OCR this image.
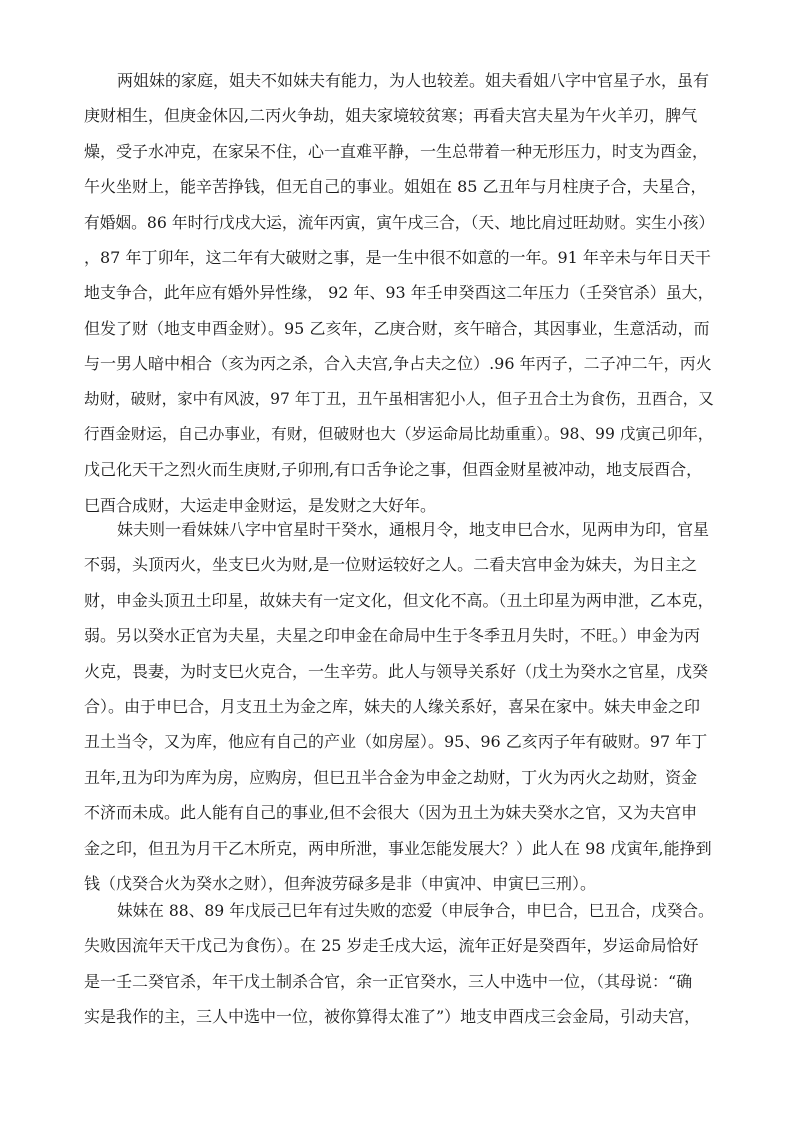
两姐妹的家庭，姐夫不如妹夫有能力，为人也较差。姐夫看姐八字中官星子水，虽有
庚财相生，但庚金休囚,二丙火争劫，姐夫家境较贫寒；再看夫宫夫星为午火羊刃，脾气
燥，受子水冲克，在家呆不住，心一直难平静，一生总带着一种无形压力，时支为酉金，
午火坐财上，能辛苦挣钱，但无自己的事业。姐姐在 85 乙丑年与月柱庚子合，夫星合，
有婚姻。86 年时行戊戌大运，流年丙寅，寅午戌三合，（天、地比肩过旺劫财。实生小孩）
，87 年丁卯年，这二年有大破财之事，是一生中很不如意的一年。91 年辛未与年日天干
地支争合，此年应有婚外异性缘， 92 年、93 年壬申癸酉这二年压力（壬癸官杀）虽大，
但发了财（地支申酉金财）。95 乙亥年，乙庚合财，亥午暗合，其因事业，生意活动，而
与一男人暗中相合（亥为丙之杀，合入夫宫,争占夫之位）.96 年丙子，二子冲二午，丙火
劫财，破财，家中有风波，97 年丁丑，丑午虽相害犯小人，但子丑合土为食伤，丑酉合，又
行酉金财运，自己办事业，有财，但破财也大（岁运命局比劫重重）。98、99 戊寅己卯年，
戊己化天干之烈火而生庚财,子卯刑,有口舌争论之事，但酉金财星被冲动，地支辰酉合，
巳酉合成财，大运走申金财运，是发财之大好年。
妹夫则一看妹妹八字中官星时干癸水，通根月令，地支申巳合水，见两申为印，官星
不弱，头顶丙火，坐支巳火为财,是一位财运较好之人。二看夫宫申金为妹夫，为日主之
财，申金头顶丑土印星，故妹夫有一定文化，但文化不高。（丑土印星为两申泄，乙本克，
弱。另以癸水正官为夫星，夫星之印申金在命局中生于冬季丑月失时，不旺。）申金为丙
火克，畏妻，为时支巳火克合，一生辛劳。此人与领导关系好（戊土为癸水之官星，戊癸
合）。由于申巳合，月支丑土为金之库，妹夫的人缘关系好，喜呆在家中。妹夫申金之印
丑土当令，又为库，他应有自己的产业（如房屋）。95、96 乙亥丙子年有破财。97 年丁
丑年,丑为印为库为房，应购房，但巳丑半合金为申金之劫财，丁火为丙火之劫财，资金
不济而未成。此人能有自己的事业,但不会很大（因为丑土为妹夫癸水之官，又为夫宫申
金之印，但丑为月干乙木所克，两申所泄，事业怎能发展大？）此人在 98 戊寅年,能挣到
钱（戊癸合火为癸水之财），但奔波劳碌多是非（申寅冲、申寅巳三刑）。
妹妹在 88、89 年戊辰己巳年有过失败的恋爱（申辰争合，申巳合，巳丑合，戊癸合。
失败因流年天干戊己为食伤）。在 25 岁走壬戌大运，流年正好是癸酉年，岁运命局恰好
是一壬二癸官杀，年干戊土制杀合官，余一正官癸水，三人中选中一位，（其母说：“确
实是我作的主，三人中选中一位，被你算得太准了”）地支申酉戌三会金局，引动夫宫，
